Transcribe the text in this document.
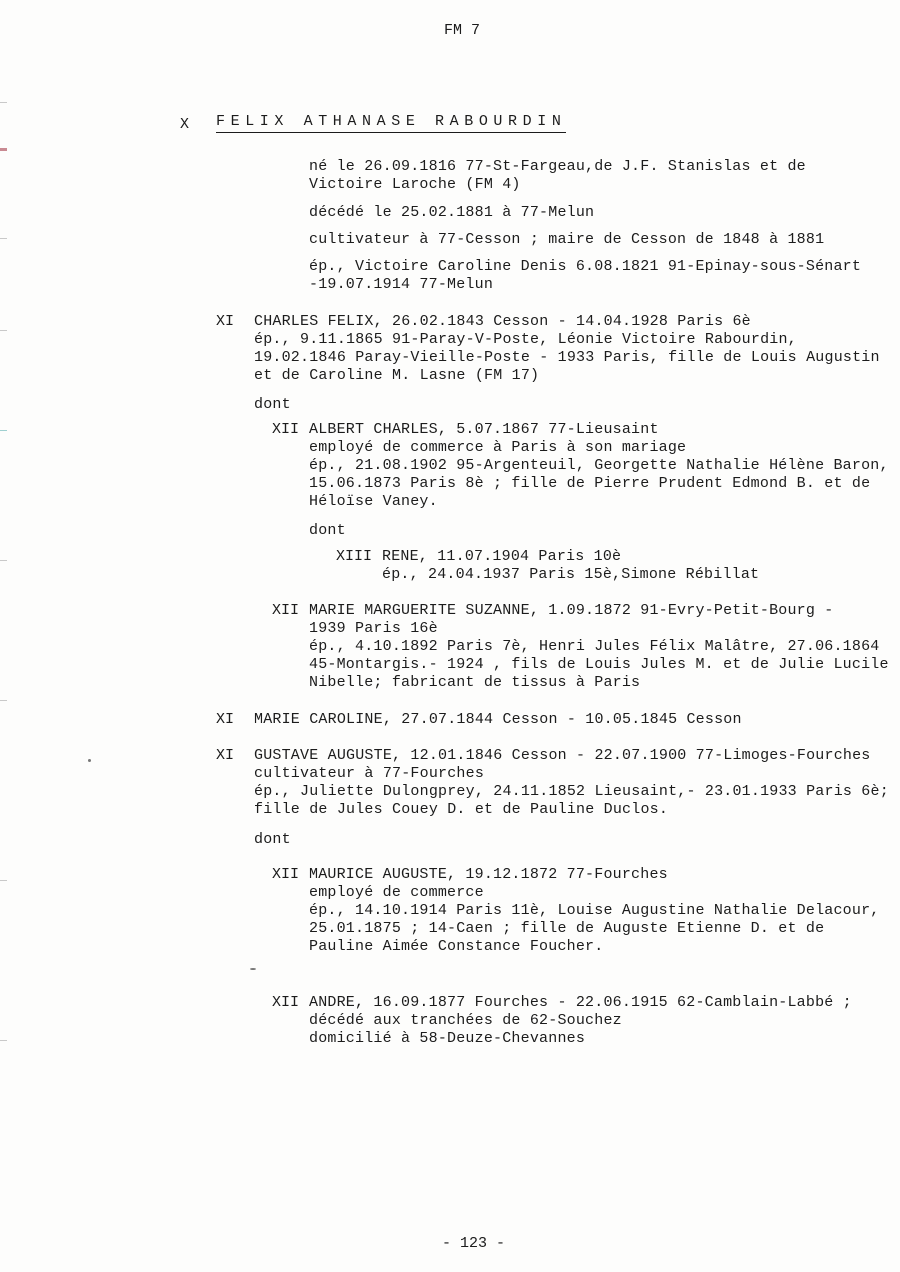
FM 7
X FELIX ATHANASE RABOURDIN
né le 26.09.1816 77-St-Fargeau,de J.F. Stanislas et de
Victoire Laroche (FM 4)
décédé le 25.02.1881 à 77-Melun
cultivateur à 77-Cesson ; maire de Cesson de 1848 à 1881
ép., Victoire Caroline Denis 6.08.1821 91-Epinay-sous-Sénart
-19.07.1914 77-Melun
XI CHARLES FELIX, 26.02.1843 Cesson - 14.04.1928 Paris 6è
ép., 9.11.1865 91-Paray-V-Poste, Léonie Victoire Rabourdin,
19.02.1846 Paray-Vieille-Poste - 1933 Paris, fille de Louis Augustin
et de Caroline M. Lasne (FM 17)
dont
XII ALBERT CHARLES, 5.07.1867 77-Lieusaint
employé de commerce à Paris à son mariage
ép., 21.08.1902 95-Argenteuil, Georgette Nathalie Hélène Baron,
15.06.1873 Paris 8è ; fille de Pierre Prudent Edmond B. et de
Héloïse Vaney.
dont
XIII RENE, 11.07.1904 Paris 10è
ép., 24.04.1937 Paris 15è,Simone Rébillat
XII MARIE MARGUERITE SUZANNE, 1.09.1872 91-Evry-Petit-Bourg -
1939 Paris 16è
ép., 4.10.1892 Paris 7è, Henri Jules Félix Malâtre, 27.06.1864
45-Montargis.- 1924 , fils de Louis Jules M. et de Julie Lucile
Nibelle; fabricant de tissus à Paris
XI MARIE CAROLINE, 27.07.1844 Cesson - 10.05.1845 Cesson
XI GUSTAVE AUGUSTE, 12.01.1846 Cesson - 22.07.1900 77-Limoges-Fourches
cultivateur à 77-Fourches
ép., Juliette Dulongprey, 24.11.1852 Lieusaint,- 23.01.1933 Paris 6è;
fille de Jules Couey D. et de Pauline Duclos.
dont
XII MAURICE AUGUSTE, 19.12.1872 77-Fourches
employé de commerce
ép., 14.10.1914 Paris 11è, Louise Augustine Nathalie Delacour,
25.01.1875 ; 14-Caen ; fille de Auguste Etienne D. et de
Pauline Aimée Constance Foucher.
XII ANDRE, 16.09.1877 Fourches - 22.06.1915 62-Camblain-Labbé ;
décédé aux tranchées de 62-Souchez
domicilié à 58-Deuze-Chevannes
- 123 -
